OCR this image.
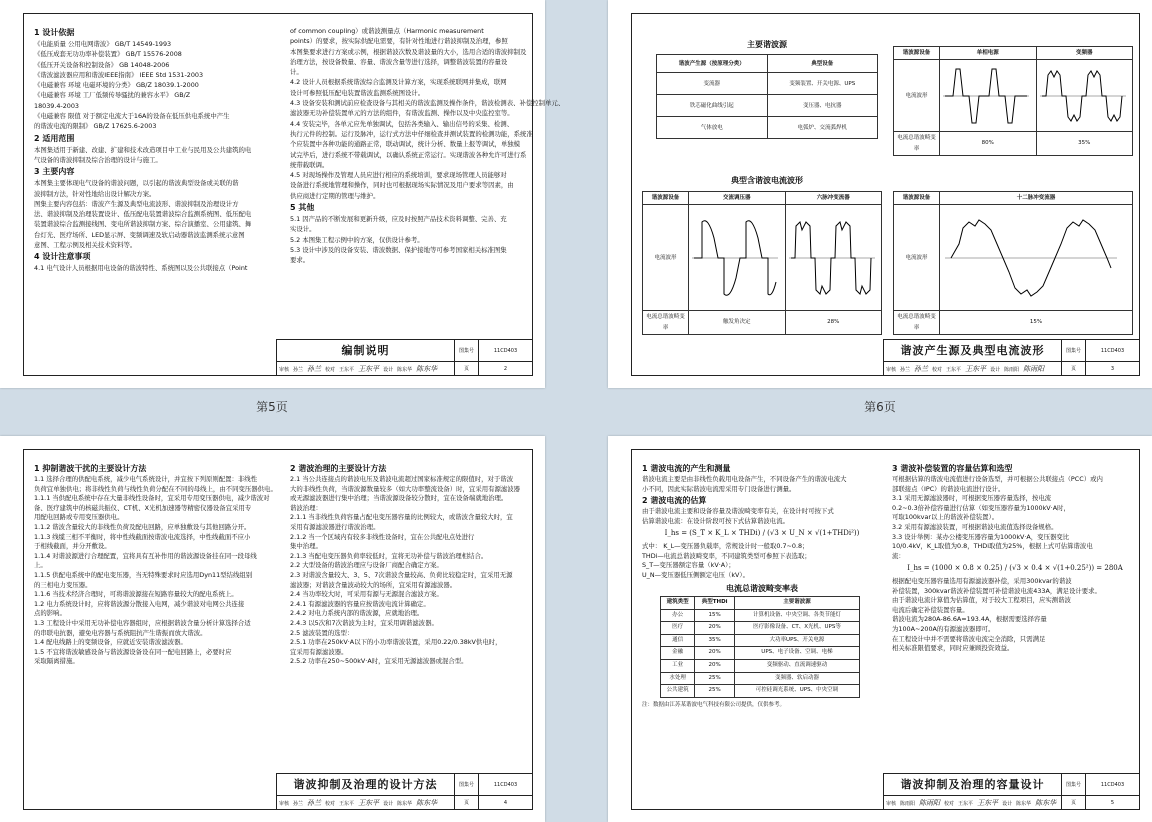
1 设计依据

《电能质量 公用电网谐波》 GB/T 14549-1993

《低压成套无功功率补偿装置》 GB/T 15576-2008

《低压开关设备和控制设备》 GB 14048-2006

《谐波滤波器应用和谐波IEEE指南》 IEEE Std 1531-2003

《电磁兼容 环境 电磁环境的分类》 GB/Z 18039.1-2000

《电磁兼容 环境 工厂低频传导骚扰的兼容水平》 GB/Z

18039.4-2003

《电磁兼容 限值 对于额定电流大于16A的设备在低压供电系统中产生

的谐波电流的限制》 GB/Z 17625.6-2003

2 适用范围

本图集适用于新建、改建、扩建和技术改造项目中工业与民用及公共建筑的电

气设备的谐波抑制及综合治理的设计与施工。

3 主要内容

本图集主要体现电气设备的谐波问题，以引起的谐波典型设备或关联的谐

波抑制方法，针对性地给出设计解决方案。

图集主要内容包括：谐波产生源及典型电流波形、谐波抑制及治理设计方

法、谐波抑制及治理装置设计、低压配电装置谐波综合监测系统图、低压配电

装置谐波综合监测接线图、变电所谐波抑制方案、综合演播室、公用建筑、舞

台灯光、医疗场所、LED显示屏、变频调速及软启动器谐波监测系统示意图

意图、工程示例及相关技术资料等。

4 设计注意事项

4.1 电气设计人员根据用电设备的谐波特性、系统图以及公共联接点（Point

of common coupling）或谐波测量点（Harmonic measurement

points）的要求，按实际供配电需要，有针对性地进行谐波抑制及治理，参照

本图集要求进行方案或示例，根据谐波次数及谐波量的大小，选用合适的谐波抑制及

治理方法，按设备数量、容量、谐波含量等进行选择，调整谐波装置的容量设

计。

4.2 设计人员根据系统谐波综合监测及计算方案，实现系统联网并集成，联网

设计可参照低压配电装置谐波监测系统图设计。

4.3 设备安装和测试前应检查设备与其相关的谐波监测及操作条件，谐波检测表、补偿控制单元、

滤波器无功补偿装置单元的方法的组件，有谐波监测、操作以及中央监控室等。

4.4 安装完毕，各单元应先单独调试，包括各类输入、输出信号的采集、检测、

执行元件的控制。运行及脉冲，运行式方法中仔细检查并测试装置的检测功能，系统准

个应装置中各种功能的通路正常，联动调试，统计分析、数量上报等调试，单独模

试完毕后，进行系统不带载调试，以确认系统正常运行。实现谐波各种允许可进行系

统带载联调。

4.5 对现场操作及管理人员应进行相应的系统培训，要求现场管理人员能够对

设备进行系统地管理和操作，同时也可根据现场实际情况及用户要求等因素，由

供应商进行定期的管理与维护。

5 其他

5.1 因产品的不断发展和更新升级，应及时按照产品技术资料调整、完善、充

实设计。

5.2 本图集工程示例中的方案，仅供设计参考。

5.3 设计中涉及的设备安装、谐波数据、保护接地等可参考国家相关标准图集

要求。

编制说明	图集号	11CD403
审核 孙兰 孙兰 校对 王东平 王东平 设计 陈东华 陈东华	页	2
主要谐波源
谐波产生源（按原理分类）	典型设备
变流器	变频装置、开关电源、UPS
铁芯磁化曲线引起	变压器、电抗器
气体放电	电弧炉、交流弧焊机
谐波源设备	单相电源	变频器
电流波形	

电流总谐波畸变率	80%	35%
典型含谐波电流波形
谐波源设备	交流调压器	六脉冲变流器
电流波形	

电流总谐波畸变率	触发角决定	28%
谐波源设备	十二脉冲变流器
电流波形	

电流总谐波畸变率	15%
谐波产生源及典型电流波形	图集号	11CD403
审核 孙兰 孙兰 校对 王东平 王东平 设计 陈雨阳 陈雨阳	页	3
第5页	第6页

1 抑制谐波干扰的主要设计方法

1.1 选择合理的供配电系统，减少电气系统设计，并宜按下列原则配置：非线性

负荷宜单独供电；将非线性负荷与线性负荷分配在不同的母线上，由不同变压器供电。

1.1.1 当供配电系统中存在大量非线性设备时，宜采用专用变压器供电，减少谐波对

备、医疗建筑中的核磁共振仪、CT机、X光机加速器等精密仪器设备宜采用专

用配电回路或专用变压器供电。

1.1.2 谐波含量较大的非线性负荷及配电回路，应单独敷设与其他回路分开。

1.1.3 线缆三相不平衡时，将中性线截面按谐波电流选择，中性线截面不应小

于相线截面，并分开敷设。

1.1.4 对谐波源进行合理配置，宜将具有互补作用的谐波源设备挂在同一段母线

上。

1.1.5 供配电系统中的配电变压器，当无特殊要求时应选用Dyn11型结线组别

的三相电力变压器。

1.1.6 当技术经济合理时，可将谐波源接在短路容量较大的配电系统上。

1.2 电力系统设计时，应将谐波源分散接入电网，减少谐波对电网公共连接

点的影响。

1.3 工程设计中采用无功补偿电容器组时，应根据谐波含量分析计算选择合适

的串联电抗器，避免电容器与系统阻抗产生谐振而放大谐波。

1.4 配电线路上的变频设备，应就近安装谐波滤波器。

1.5 不宜将谐波敏感设备与谐波源设备设在同一配电回路上，必要时应

采取隔离措施。

2 谐波治理的主要设计方法

2.1 当公共连接点的谐波电压及谐波电流超过国家标准规定的限值时，对于谐波

大的非线性负荷，当谐波源数量较多（如大功率整流设备）时，宜采用有源滤波器

或无源滤波器进行集中治理；当谐波源设备较分散时，宜在设备端就地治理。

谐波治理：

2.1.1 当非线性负荷容量占配电变压器容量的比例较大，或谐波含量较大时，宜

采用有源滤波器进行谐波治理。

2.1.2 当一个区域内有较多非线性设备时，宜在公共配电点处进行

集中治理。

2.1.3 当配电变压器负荷率较低时，宜将无功补偿与谐波治理相结合。

2.2 大型设备的谐波治理应与设备厂商配合确定方案。

2.3 对谐波含量较大、3、5、7次谐波含量较高、负荷比较稳定时，宜采用无源

滤波器；对谐波含量波动较大的场所，宜采用有源滤波器。

2.4 当功率较大时，可采用有源与无源混合滤波方案。

2.4.1 有源滤波器的容量应按谐波电流计算确定。

2.4.2 对电力系统内部的谐波源，应就地治理。

2.4.3 以5次和7次谐波为主时，宜采用调谐滤波器。

2.5 滤波装置的选型：

2.5.1 功率在250kV·A以下的小功率谐波装置，采用0.22/0.38kV供电时，

宜采用有源滤波器。

2.5.2 功率在250~500kV·A时，宜采用无源滤波器或混合型。

谐波抑制及治理的设计方法	图集号	11CD403
审核 孙兰 孙兰 校对 王东平 王东平 设计 陈东华 陈东华	页	4

1 谐波电流的产生和测量

谐波电流主要是由非线性负载用电设备产生，不同设备产生的谐波电流大

小不同，因此实际谐波电流需采用专门设备进行测量。

2 谐波电流的估算

由于谐波电流主要和设备容量及谐波畸变率有关，在设计时可按下式

估算谐波电流：在设计阶段可按下式估算谐波电流。

I_hs = (S_T × K_L × THDi) / (√3 × U_N × √(1+THDi²))

式中： K_L—变压器负载率，常规设计时一般取0.7~0.8；

THDi—电流总谐波畸变率，不同建筑类型可参照下表选取；

S_T—变压器额定容量（kV·A）；

U_N—变压器低压侧额定电压（kV）。

电流总谐波畸变率表
建筑类型	典型THDi	主要谐波源
办公	15%	计算机设备、中央空调、各类节能灯
医疗	20%	医疗影像设备、CT、X光机、UPS等
通信	35%	大功率UPS、开关电源
金融	20%	UPS、电子设备、空调、电梯
工业	20%	变频驱动、直流调速驱动
水处理	25%	变频器、软启动器
公共建筑	25%	可控硅调光系统、UPS、中央空调

注：数据由江苏某谐波电气科技有限公司提供，仅供参考。

3 谐波补偿装置的容量估算和选型

可根据估算的谐波电流值进行设备选型，并可根据公共联接点（PCC）或内

部联接点（IPC）的谐波电流进行设计。

3.1 采用无源滤波器时，可根据变压器容量选择，按电流

0.2~0.3倍补偿容量进行估算（如变压器容量为1000kV·A时，

可取100kvar以上的谐波补偿装置）。

3.2 采用有源滤波装置，可根据谐波电流值选择设备规格。

3.3 设计举例：某办公楼变压器容量为1000kV·A，变压器变比

10/0.4kV，K_L取值为0.8，THDi取值为25%，根据上式可估算谐波电

流：

I_hs = (1000 × 0.8 × 0.25) / (√3 × 0.4 × √(1+0.25²)) = 280A

根据配电变压器容量选用有源滤波器补偿，采用300kvar的谐波

补偿装置，300kvar谐波补偿装置可补偿谐波电流433A，满足设计要求。

由于谐波电流计算值为估算值，对于较大工程项目，应实测谐波

电流后确定补偿装置容量。

谐波电流为280A-86.6A=193.4A，根据需要选择容量

为100A~200A的有源滤波器即可。

在工程设计中并不需要将谐波电流完全消除，只需满足

相关标准限值要求，同时应兼顾投资效益。

谐波抑制及治理的容量设计	图集号	11CD403
审核 陈雨阳 陈雨阳 校对 王东平 王东平 设计 陈东华 陈东华	页	5
